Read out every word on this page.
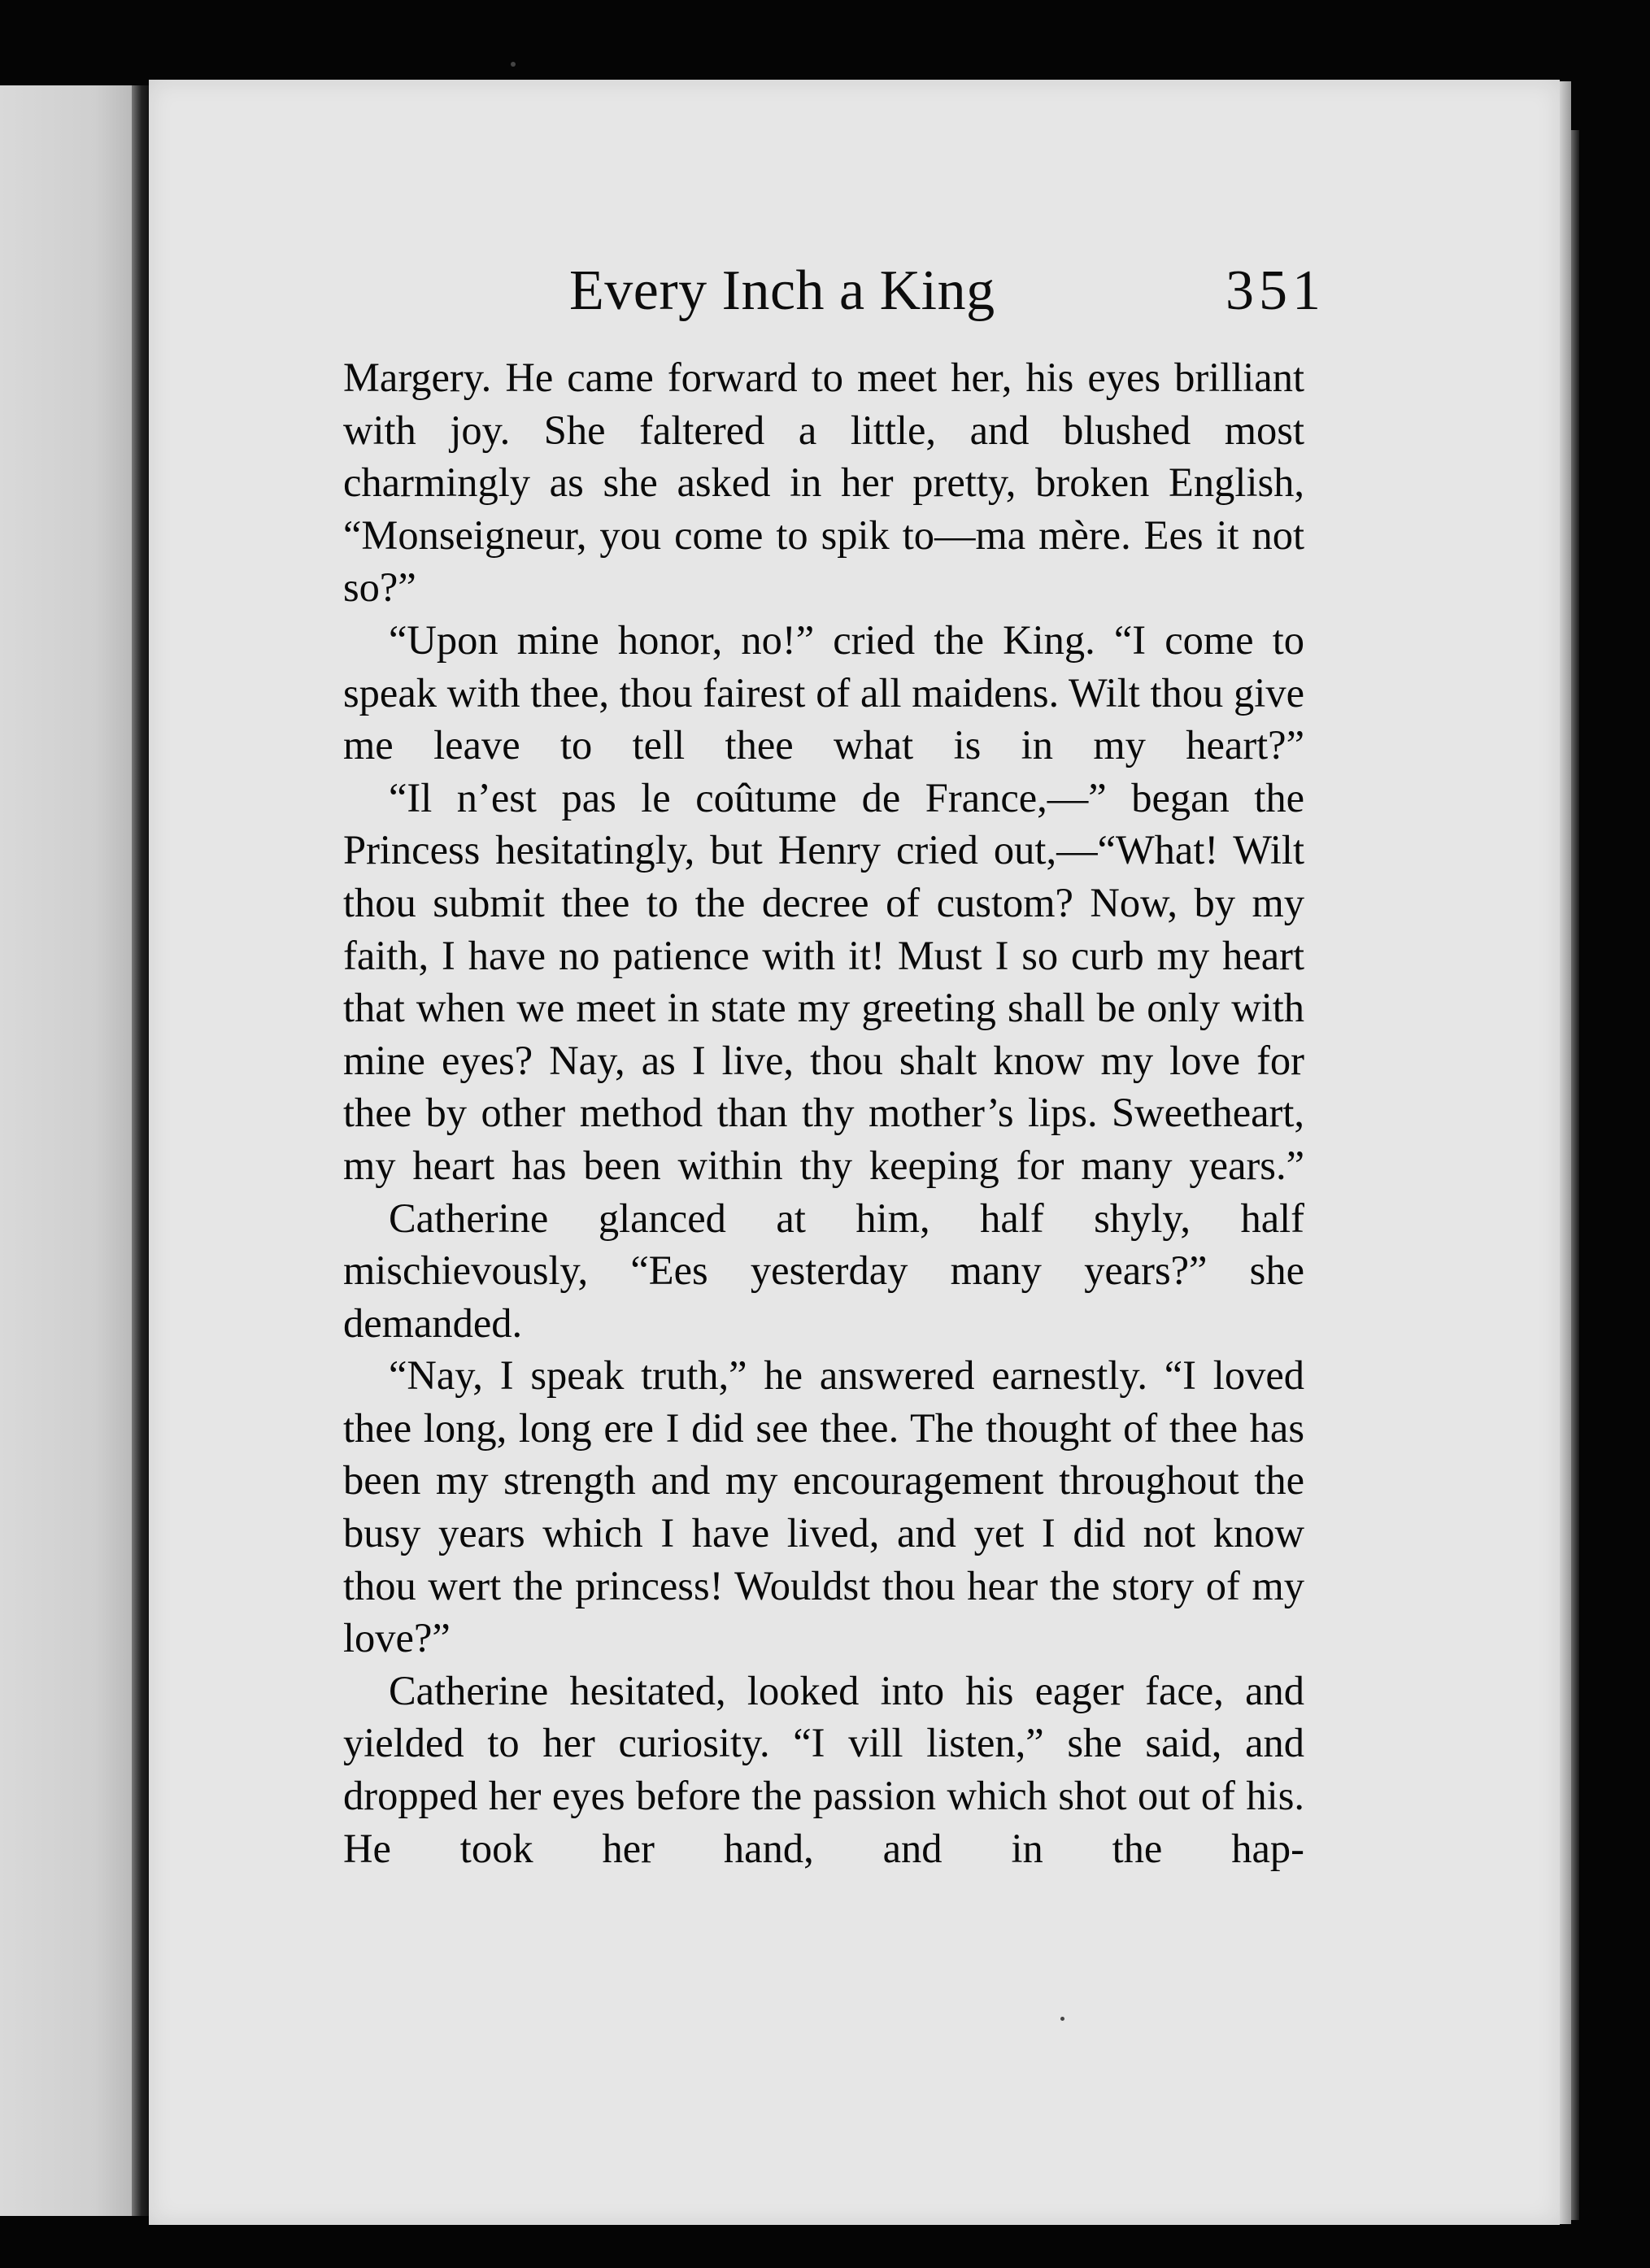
Every Inch a King	351

Margery. He came forward to meet her, his eyes brilliant with joy. She faltered a little, and blushed most charmingly as she asked in her pretty, broken English, “Monseigneur, you come to spik to—ma mère. Ees it not so?”

“Upon mine honor, no!” cried the King. “I come to speak with thee, thou fairest of all maidens. Wilt thou give me leave to tell thee what is in my heart?”

“Il n’est pas le coûtume de France,—” began the Princess hesitatingly, but Henry cried out,—“What! Wilt thou submit thee to the decree of custom? Now, by my faith, I have no patience with it! Must I so curb my heart that when we meet in state my greeting shall be only with mine eyes? Nay, as I live, thou shalt know my love for thee by other method than thy mother’s lips. Sweetheart, my heart has been within thy keeping for many years.”

Catherine glanced at him, half shyly, half mischievously, “Ees yesterday many years?” she demanded.

“Nay, I speak truth,” he answered earnestly. “I loved thee long, long ere I did see thee. The thought of thee has been my strength and my encouragement throughout the busy years which I have lived, and yet I did not know thou wert the princess! Wouldst thou hear the story of my love?”

Catherine hesitated, looked into his eager face, and yielded to her curiosity. “I vill listen,” she said, and dropped her eyes before the passion which shot out of his. He took her hand, and in the hap-
